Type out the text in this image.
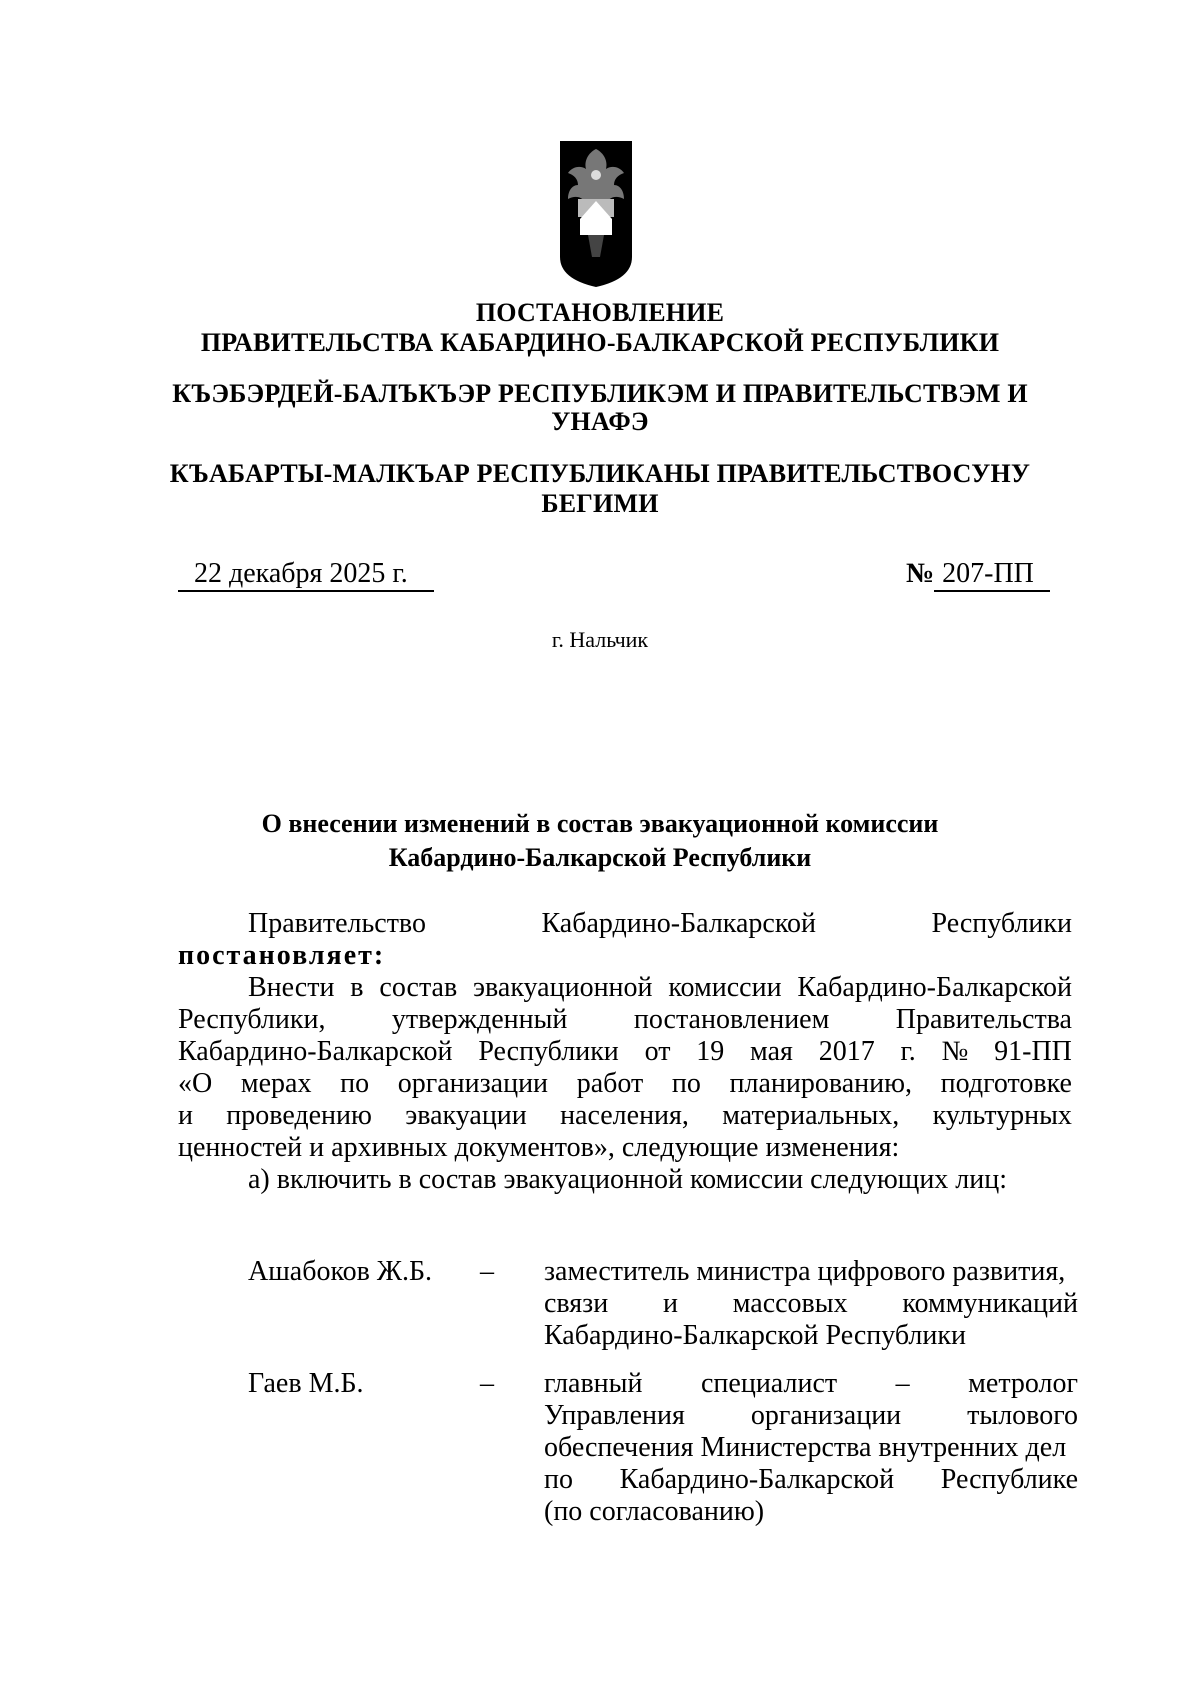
ПОСТАНОВЛЕНИЕ
ПРАВИТЕЛЬСТВА КАБАРДИНО-БАЛКАРСКОЙ РЕСПУБЛИКИ
КЪЭБЭРДЕЙ-БАЛЪКЪЭР РЕСПУБЛИКЭМ И ПРАВИТЕЛЬСТВЭМ И
УНАФЭ
КЪАБАРТЫ-МАЛКЪАР РЕСПУБЛИКАНЫ ПРАВИТЕЛЬСТВОСУНУ
БЕГИМИ
22 декабря 2025 г.	№ 207-ПП
г. Нальчик
О внесении изменений в состав эвакуационной комиссии
Кабардино-Балкарской Республики
Правительство	Кабардино-Балкарской	Республики
постановляет:
Внести в состав эвакуационной комиссии Кабардино-Балкарской
Республики, утвержденный постановлением Правительства
Кабардино-Балкарской Республики от 19 мая 2017 г. № 91-ПП
«О мерах по организации работ по планированию, подготовке
и проведению эвакуации населения, материальных, культурных
ценностей и архивных документов», следующие изменения:
а) включить в состав эвакуационной комиссии следующих лиц:
Ашабоков Ж.Б. – заместитель министра цифрового развития,
связи и массовых коммуникаций
Кабардино-Балкарской Республики
Гаев М.Б.	– главный специалист – метролог
Управления организации тылового
обеспечения Министерства внутренних дел
по Кабардино-Балкарской Республике
(по согласованию)
